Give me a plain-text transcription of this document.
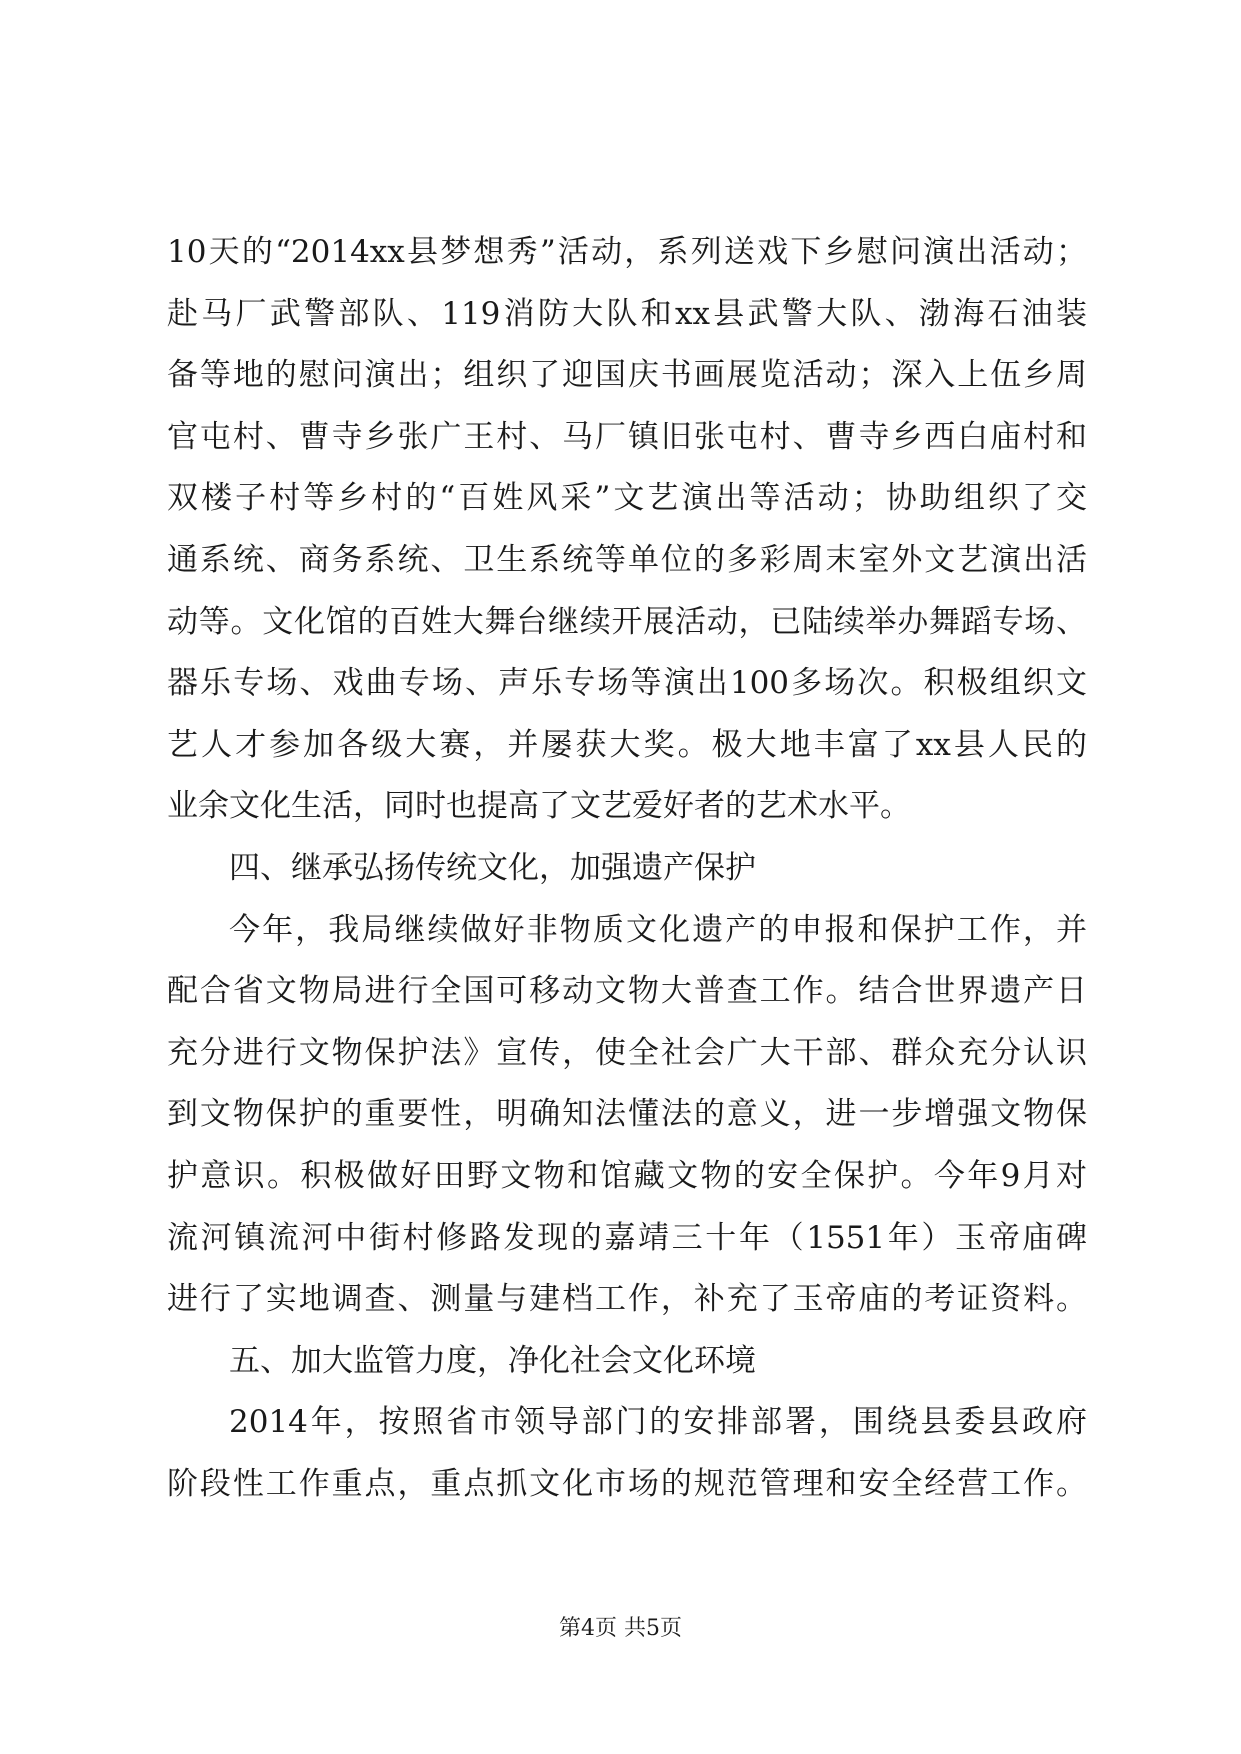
10天的“2014xx县梦想秀”活动，系列送戏下乡慰问演出活动；
赴马厂武警部队、119消防大队和xx县武警大队、渤海石油装
备等地的慰问演出；组织了迎国庆书画展览活动；深入上伍乡周
官屯村、曹寺乡张广王村、马厂镇旧张屯村、曹寺乡西白庙村和
双楼子村等乡村的“百姓风采”文艺演出等活动；协助组织了交
通系统、商务系统、卫生系统等单位的多彩周末室外文艺演出活
动等。文化馆的百姓大舞台继续开展活动，已陆续举办舞蹈专场、
器乐专场、戏曲专场、声乐专场等演出100多场次。积极组织文
艺人才参加各级大赛，并屡获大奖。极大地丰富了xx县人民的
业余文化生活，同时也提高了文艺爱好者的艺术水平。
四、继承弘扬传统文化，加强遗产保护
今年，我局继续做好非物质文化遗产的申报和保护工作，并
配合省文物局进行全国可移动文物大普查工作。结合世界遗产日
充分进行文物保护法》宣传，使全社会广大干部、群众充分认识
到文物保护的重要性，明确知法懂法的意义，进一步增强文物保
护意识。积极做好田野文物和馆藏文物的安全保护。今年9月对
流河镇流河中街村修路发现的嘉靖三十年（1551年）玉帝庙碑
进行了实地调查、测量与建档工作，补充了玉帝庙的考证资料。
五、加大监管力度，净化社会文化环境
2014年，按照省市领导部门的安排部署，围绕县委县政府
阶段性工作重点，重点抓文化市场的规范管理和安全经营工作。
第4页 共5页
